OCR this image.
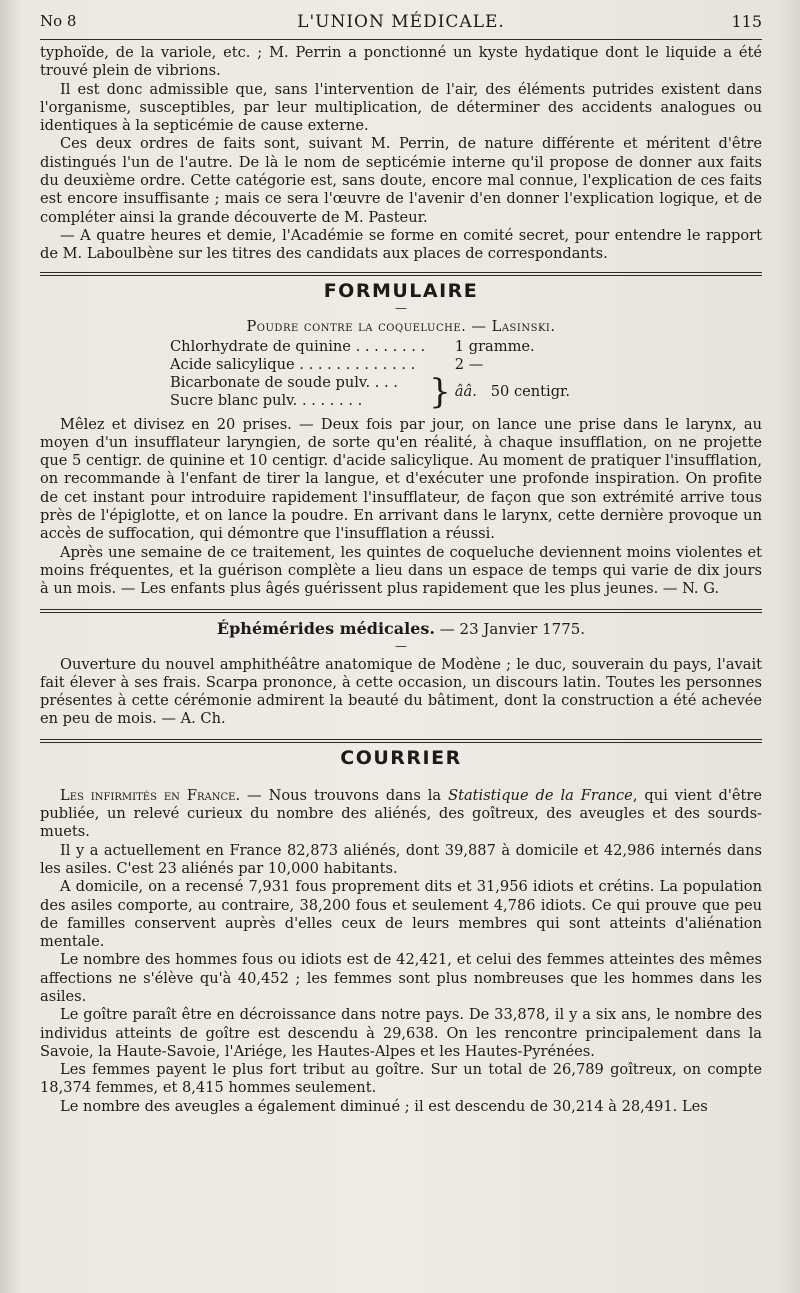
No 8	L'UNION MÉDICALE.	115

typhoïde, de la variole, etc. ; M. Perrin a ponctionné un kyste hydatique dont le liquide a été trouvé plein de vibrions.

Il est donc admissible que, sans l'intervention de l'air, des éléments putrides existent dans l'organisme, susceptibles, par leur multiplication, de déterminer des accidents analogues ou identiques à la septicémie de cause externe.

Ces deux ordres de faits sont, suivant M. Perrin, de nature différente et méritent d'être distingués l'un de l'autre. De là le nom de septicémie interne qu'il propose de donner aux faits du deuxième ordre. Cette catégorie est, sans doute, encore mal connue, l'explication de ces faits est encore insuffisante ; mais ce sera l'œuvre de l'avenir d'en donner l'explication logique, et de compléter ainsi la grande découverte de M. Pasteur.

— A quatre heures et demie, l'Académie se forme en comité secret, pour entendre le rapport de M. Laboulbène sur les titres des candidats aux places de correspondants.

FORMULAIRE
—
Poudre contre la coqueluche. — Lasinski.
Chlorhydrate de quinine . . . . . . . .		1 gramme.
Acide salicylique . . . . . . . . . . . . .		2 —
Bicarbonate de soude pulv. . . .	}	ââ. 50 centigr.
Sucre blanc pulv. . . . . . . .		

Mêlez et divisez en 20 prises. — Deux fois par jour, on lance une prise dans le larynx, au moyen d'un insufflateur laryngien, de sorte qu'en réalité, à chaque insufflation, on ne projette que 5 centigr. de quinine et 10 centigr. d'acide salicylique. Au moment de pratiquer l'insufflation, on recommande à l'enfant de tirer la langue, et d'exécuter une profonde inspiration. On profite de cet instant pour introduire rapidement l'insufflateur, de façon que son extrémité arrive tous près de l'épiglotte, et on lance la poudre. En arrivant dans le larynx, cette dernière provoque un accès de suffocation, qui démontre que l'insufflation a réussi.

Après une semaine de ce traitement, les quintes de coqueluche deviennent moins violentes et moins fréquentes, et la guérison complète a lieu dans un espace de temps qui varie de dix jours à un mois. — Les enfants plus âgés guérissent plus rapidement que les plus jeunes. — N. G.

Éphémérides médicales. — 23 Janvier 1775.
—

Ouverture du nouvel amphithéâtre anatomique de Modène ; le duc, souverain du pays, l'avait fait élever à ses frais. Scarpa prononce, à cette occasion, un discours latin. Toutes les personnes présentes à cette cérémonie admirent la beauté du bâtiment, dont la construction a été achevée en peu de mois. — A. Ch.

COURRIER

Les infirmités en France. — Nous trouvons dans la Statistique de la France, qui vient d'être publiée, un relevé curieux du nombre des aliénés, des goîtreux, des aveugles et des sourds-muets.

Il y a actuellement en France 82,873 aliénés, dont 39,887 à domicile et 42,986 internés dans les asiles. C'est 23 aliénés par 10,000 habitants.

A domicile, on a recensé 7,931 fous proprement dits et 31,956 idiots et crétins. La population des asiles comporte, au contraire, 38,200 fous et seulement 4,786 idiots. Ce qui prouve que peu de familles conservent auprès d'elles ceux de leurs membres qui sont atteints d'aliénation mentale.

Le nombre des hommes fous ou idiots est de 42,421, et celui des femmes atteintes des mêmes affections ne s'élève qu'à 40,452 ; les femmes sont plus nombreuses que les hommes dans les asiles.

Le goître paraît être en décroissance dans notre pays. De 33,878, il y a six ans, le nombre des individus atteints de goître est descendu à 29,638. On les rencontre principalement dans la Savoie, la Haute-Savoie, l'Ariége, les Hautes-Alpes et les Hautes-Pyrénées.

Les femmes payent le plus fort tribut au goître. Sur un total de 26,789 goîtreux, on compte 18,374 femmes, et 8,415 hommes seulement.

Le nombre des aveugles a également diminué ; il est descendu de 30,214 à 28,491. Les
